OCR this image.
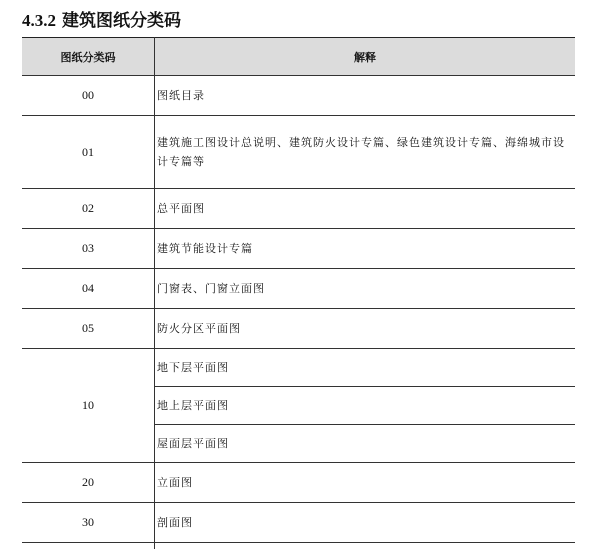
4.3.2 建筑图纸分类码
图纸分类码	解释
00	图纸目录
01	建筑施工图设计总说明、建筑防火设计专篇、绿色建筑设计专篇、海绵城市设计专篇等
02	总平面图
03	建筑节能设计专篇
04	门窗表、门窗立面图
05	防火分区平面图
10	地下层平面图
	地上层平面图
	屋面层平面图
20	立面图
30	剖面图
